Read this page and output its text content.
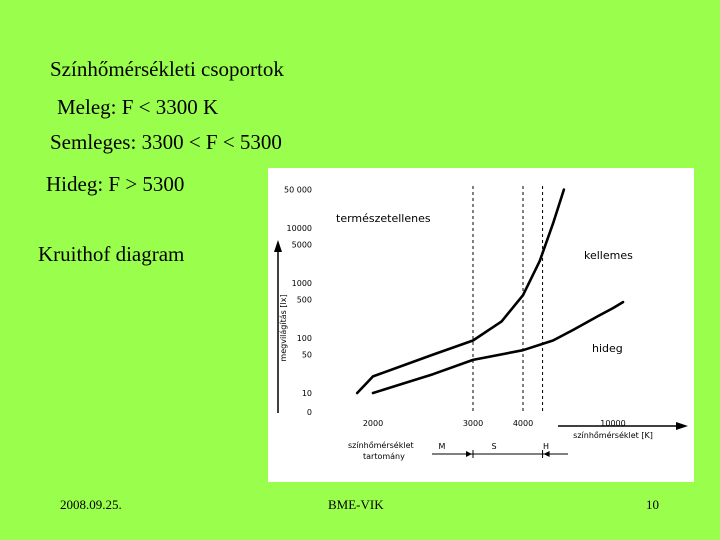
Színhőmérsékleti csoportok
Meleg: F < 3300 K
Semleges: 3300 < F < 5300
Hideg: F > 5300
Kruithof diagram
50 000
10000
5000
1000
500
100
50
10
0
2000	3000	4000	10000
megvilágítás [lx]
színhőmérséklet [K]
természetellenes
kellemes
hideg
színhőmérséklet
tartomány
M	S	H
2008.09.25.	BME-VIK	10
